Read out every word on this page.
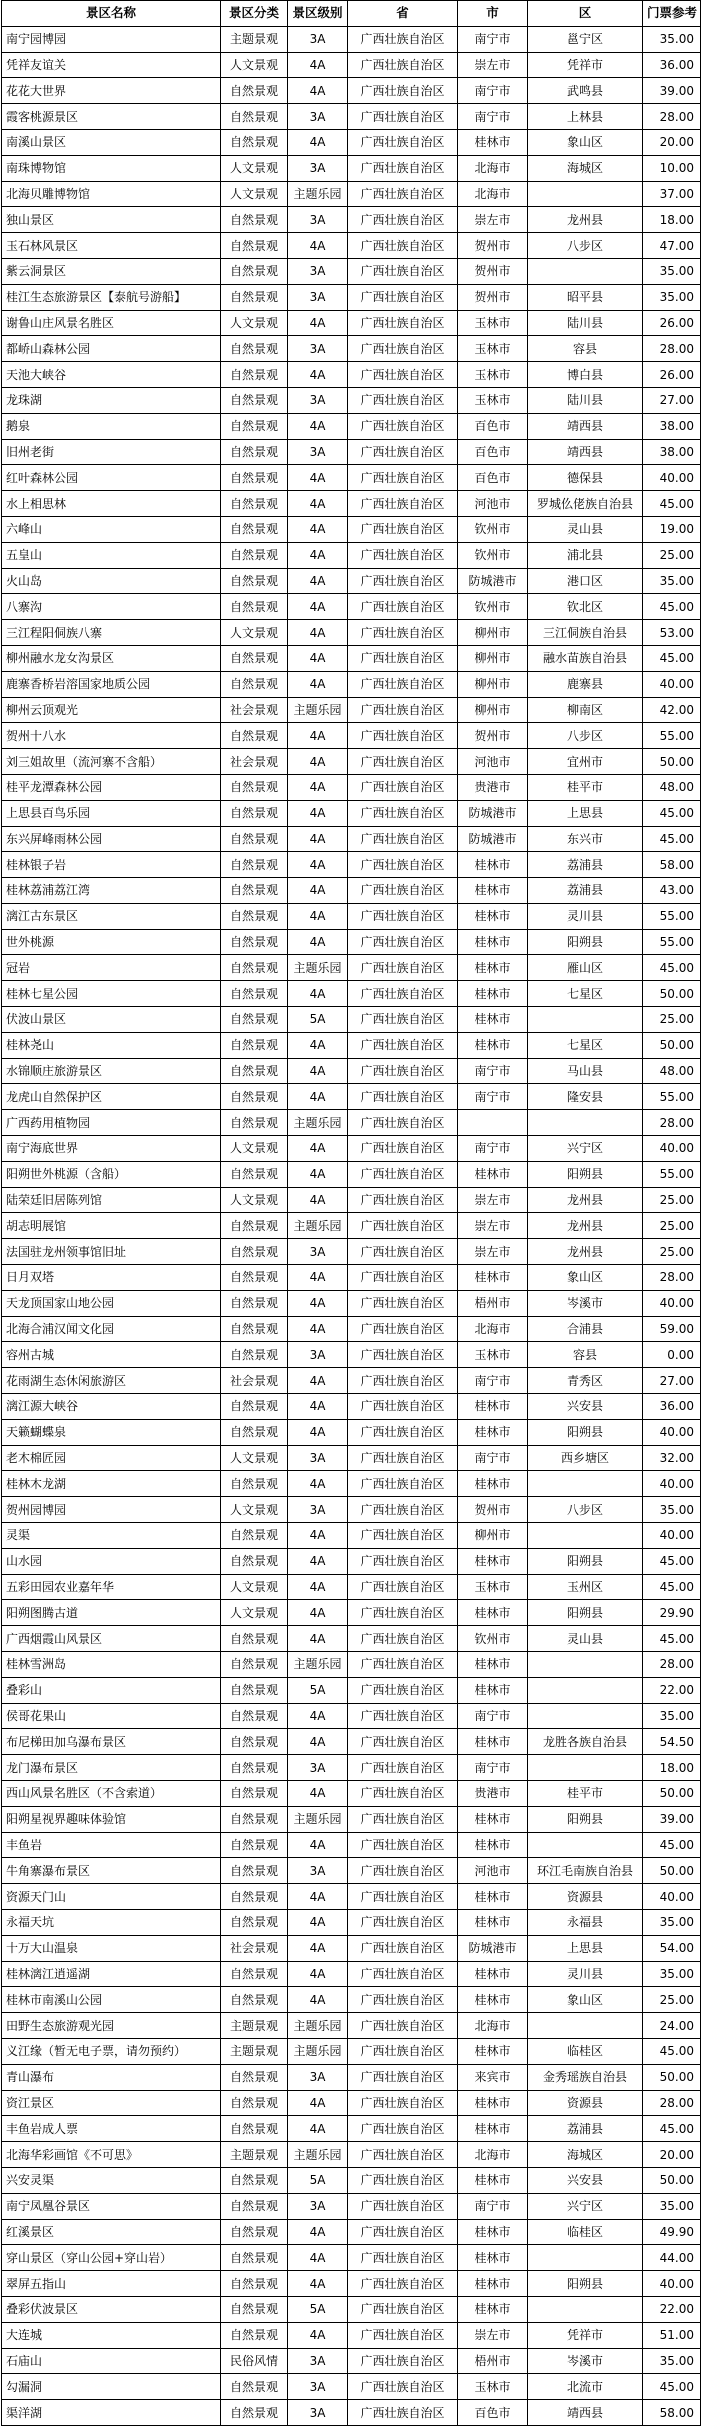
景区名称	景区分类	景区级别	省	市	区	门票参考
南宁园博园	主题景观	3A	广西壮族自治区	南宁市	邕宁区	35.00
凭祥友谊关	人文景观	4A	广西壮族自治区	崇左市	凭祥市	36.00
花花大世界	自然景观	4A	广西壮族自治区	南宁市	武鸣县	39.00
霞客桃源景区	自然景观	3A	广西壮族自治区	南宁市	上林县	28.00
南溪山景区	自然景观	4A	广西壮族自治区	桂林市	象山区	20.00
南珠博物馆	人文景观	3A	广西壮族自治区	北海市	海城区	10.00
北海贝雕博物馆	人文景观	主题乐园	广西壮族自治区	北海市		37.00
独山景区	自然景观	3A	广西壮族自治区	崇左市	龙州县	18.00
玉石林风景区	自然景观	4A	广西壮族自治区	贺州市	八步区	47.00
紫云洞景区	自然景观	3A	广西壮族自治区	贺州市		35.00
桂江生态旅游景区【泰航号游船】	自然景观	3A	广西壮族自治区	贺州市	昭平县	35.00
谢鲁山庄风景名胜区	人文景观	4A	广西壮族自治区	玉林市	陆川县	26.00
都峤山森林公园	自然景观	3A	广西壮族自治区	玉林市	容县	28.00
天池大峡谷	自然景观	4A	广西壮族自治区	玉林市	博白县	26.00
龙珠湖	自然景观	3A	广西壮族自治区	玉林市	陆川县	27.00
鹅泉	自然景观	4A	广西壮族自治区	百色市	靖西县	38.00
旧州老街	自然景观	3A	广西壮族自治区	百色市	靖西县	38.00
红叶森林公园	自然景观	4A	广西壮族自治区	百色市	德保县	40.00
水上相思林	自然景观	4A	广西壮族自治区	河池市	罗城仫佬族自治县	45.00
六峰山	自然景观	4A	广西壮族自治区	钦州市	灵山县	19.00
五皇山	自然景观	4A	广西壮族自治区	钦州市	浦北县	25.00
火山岛	自然景观	4A	广西壮族自治区	防城港市	港口区	35.00
八寨沟	自然景观	4A	广西壮族自治区	钦州市	钦北区	45.00
三江程阳侗族八寨	人文景观	4A	广西壮族自治区	柳州市	三江侗族自治县	53.00
柳州融水龙女沟景区	自然景观	4A	广西壮族自治区	柳州市	融水苗族自治县	45.00
鹿寨香桥岩溶国家地质公园	自然景观	4A	广西壮族自治区	柳州市	鹿寨县	40.00
柳州云顶观光	社会景观	主题乐园	广西壮族自治区	柳州市	柳南区	42.00
贺州十八水	自然景观	4A	广西壮族自治区	贺州市	八步区	55.00
刘三姐故里（流河寨不含船）	社会景观	4A	广西壮族自治区	河池市	宜州市	50.00
桂平龙潭森林公园	自然景观	4A	广西壮族自治区	贵港市	桂平市	48.00
上思县百鸟乐园	自然景观	4A	广西壮族自治区	防城港市	上思县	45.00
东兴屏峰雨林公园	自然景观	4A	广西壮族自治区	防城港市	东兴市	45.00
桂林银子岩	自然景观	4A	广西壮族自治区	桂林市	荔浦县	58.00
桂林荔浦荔江湾	自然景观	4A	广西壮族自治区	桂林市	荔浦县	43.00
漓江古东景区	自然景观	4A	广西壮族自治区	桂林市	灵川县	55.00
世外桃源	自然景观	4A	广西壮族自治区	桂林市	阳朔县	55.00
冠岩	自然景观	主题乐园	广西壮族自治区	桂林市	雁山区	45.00
桂林七星公园	自然景观	4A	广西壮族自治区	桂林市	七星区	50.00
伏波山景区	自然景观	5A	广西壮族自治区	桂林市		25.00
桂林尧山	自然景观	4A	广西壮族自治区	桂林市	七星区	50.00
水锦顺庄旅游景区	自然景观	4A	广西壮族自治区	南宁市	马山县	48.00
龙虎山自然保护区	自然景观	4A	广西壮族自治区	南宁市	隆安县	55.00
广西药用植物园	自然景观	主题乐园	广西壮族自治区			28.00
南宁海底世界	人文景观	4A	广西壮族自治区	南宁市	兴宁区	40.00
阳朔世外桃源（含船）	自然景观	4A	广西壮族自治区	桂林市	阳朔县	55.00
陆荣廷旧居陈列馆	人文景观	4A	广西壮族自治区	崇左市	龙州县	25.00
胡志明展馆	自然景观	主题乐园	广西壮族自治区	崇左市	龙州县	25.00
法国驻龙州领事馆旧址	自然景观	3A	广西壮族自治区	崇左市	龙州县	25.00
日月双塔	自然景观	4A	广西壮族自治区	桂林市	象山区	28.00
天龙顶国家山地公园	自然景观	4A	广西壮族自治区	梧州市	岑溪市	40.00
北海合浦汉闻文化园	自然景观	4A	广西壮族自治区	北海市	合浦县	59.00
容州古城	自然景观	3A	广西壮族自治区	玉林市	容县	0.00
花雨湖生态休闲旅游区	社会景观	4A	广西壮族自治区	南宁市	青秀区	27.00
漓江源大峡谷	自然景观	4A	广西壮族自治区	桂林市	兴安县	36.00
天籁蝴蝶泉	自然景观	4A	广西壮族自治区	桂林市	阳朔县	40.00
老木棉匠园	人文景观	3A	广西壮族自治区	南宁市	西乡塘区	32.00
桂林木龙湖	自然景观	4A	广西壮族自治区	桂林市		40.00
贺州园博园	人文景观	3A	广西壮族自治区	贺州市	八步区	35.00
灵渠	自然景观	4A	广西壮族自治区	柳州市		40.00
山水园	自然景观	4A	广西壮族自治区	桂林市	阳朔县	45.00
五彩田园农业嘉年华	人文景观	4A	广西壮族自治区	玉林市	玉州区	45.00
阳朔图腾古道	人文景观	4A	广西壮族自治区	桂林市	阳朔县	29.90
广西烟霞山风景区	自然景观	4A	广西壮族自治区	钦州市	灵山县	45.00
桂林雪洲岛	自然景观	主题乐园	广西壮族自治区	桂林市		28.00
叠彩山	自然景观	5A	广西壮族自治区	桂林市		22.00
侯哥花果山	自然景观	4A	广西壮族自治区	南宁市		35.00
布尼梯田加乌瀑布景区	自然景观	4A	广西壮族自治区	桂林市	龙胜各族自治县	54.50
龙门瀑布景区	自然景观	3A	广西壮族自治区	南宁市		18.00
西山风景名胜区（不含索道）	自然景观	4A	广西壮族自治区	贵港市	桂平市	50.00
阳朔星视界趣味体验馆	自然景观	主题乐园	广西壮族自治区	桂林市	阳朔县	39.00
丰鱼岩	自然景观	4A	广西壮族自治区	桂林市		45.00
牛角寨瀑布景区	自然景观	3A	广西壮族自治区	河池市	环江毛南族自治县	50.00
资源天门山	自然景观	4A	广西壮族自治区	桂林市	资源县	40.00
永福天坑	自然景观	4A	广西壮族自治区	桂林市	永福县	35.00
十万大山温泉	社会景观	4A	广西壮族自治区	防城港市	上思县	54.00
桂林漓江逍遥湖	自然景观	4A	广西壮族自治区	桂林市	灵川县	35.00
桂林市南溪山公园	自然景观	4A	广西壮族自治区	桂林市	象山区	25.00
田野生态旅游观光园	主题景观	主题乐园	广西壮族自治区	北海市		24.00
义江缘（暂无电子票，请勿预约）	主题景观	主题乐园	广西壮族自治区	桂林市	临桂区	45.00
青山瀑布	自然景观	3A	广西壮族自治区	来宾市	金秀瑶族自治县	50.00
资江景区	自然景观	4A	广西壮族自治区	桂林市	资源县	28.00
丰鱼岩成人票	自然景观	4A	广西壮族自治区	桂林市	荔浦县	45.00
北海华彩画馆《不可思》	主题景观	主题乐园	广西壮族自治区	北海市	海城区	20.00
兴安灵渠	自然景观	5A	广西壮族自治区	桂林市	兴安县	50.00
南宁凤凰谷景区	自然景观	3A	广西壮族自治区	南宁市	兴宁区	35.00
红溪景区	自然景观	4A	广西壮族自治区	桂林市	临桂区	49.90
穿山景区（穿山公园+穿山岩）	自然景观	4A	广西壮族自治区	桂林市		44.00
翠屏五指山	自然景观	4A	广西壮族自治区	桂林市	阳朔县	40.00
叠彩伏波景区	自然景观	5A	广西壮族自治区	桂林市		22.00
大连城	自然景观	4A	广西壮族自治区	崇左市	凭祥市	51.00
石庙山	民俗风情	3A	广西壮族自治区	梧州市	岑溪市	35.00
勾漏洞	自然景观	3A	广西壮族自治区	玉林市	北流市	45.00
渠洋湖	自然景观	3A	广西壮族自治区	百色市	靖西县	58.00
